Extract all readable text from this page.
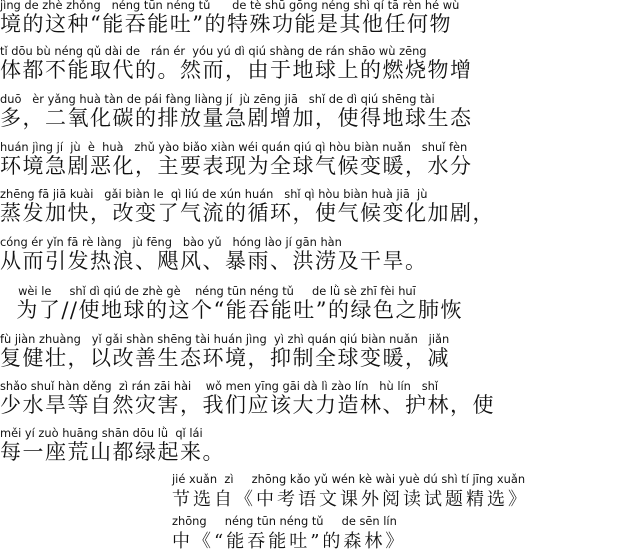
jìng de zhè zhǒng   néng tūn néng tǔ      de tè shū gōng néng shì qí tā rèn hé wù
境的这种“能吞能吐”的特殊功能是其他任何物
tǐ dōu bù néng qǔ dài de   rán ér  yóu yú dì qiú shàng de rán shāo wù zēng
体都不能取代的。然而，由于地球上的燃烧物增
duō   èr yǎng huà tàn de pái fàng liàng jí  jù zēng jiā   shǐ de dì qiú shēng tài
多，二氧化碳的排放量急剧增加，使得地球生态
huán jìng jí  jù  è  huà   zhǔ yào biǎo xiàn wéi quán qiú qì hòu biàn nuǎn   shuǐ fèn
环境急剧恶化，主要表现为全球气候变暖，水分
zhēng fā jiā kuài   gǎi biàn le  qì liú de xún huán   shǐ qì hòu biàn huà jiā  jù
蒸发加快，改变了气流的循环，使气候变化加剧，
cóng ér yǐn fā rè làng   jù fēng   bào yǔ   hóng lào jí gān hàn
从而引发热浪、飓风、暴雨、洪涝及干旱。
wèi le     shǐ dì qiú de zhè gè    néng tūn néng tǔ     de lǜ sè zhī fèi huī
为了//使地球的这个“能吞能吐”的绿色之肺恢
fù jiàn zhuàng   yǐ gǎi shàn shēng tài huán jìng  yì zhì quán qiú biàn nuǎn   jiǎn
复健壮，以改善生态环境，抑制全球变暖，减
shǎo shuǐ hàn děng  zì rán zāi hài    wǒ men yīng gāi dà lì zào lín   hù lín   shǐ
少水旱等自然灾害，我们应该大力造林、护林，使
měi yí zuò huāng shān dōu lǜ  qǐ lái
每一座荒山都绿起来。
jié xuǎn  zì     zhōng kǎo yǔ wén kè wài yuè dú shì tí jīng xuǎn
节选自《中考语文课外阅读试题精选》
zhōng     néng tūn néng tǔ     de sēn lín
中《“能吞能吐”的森林》
